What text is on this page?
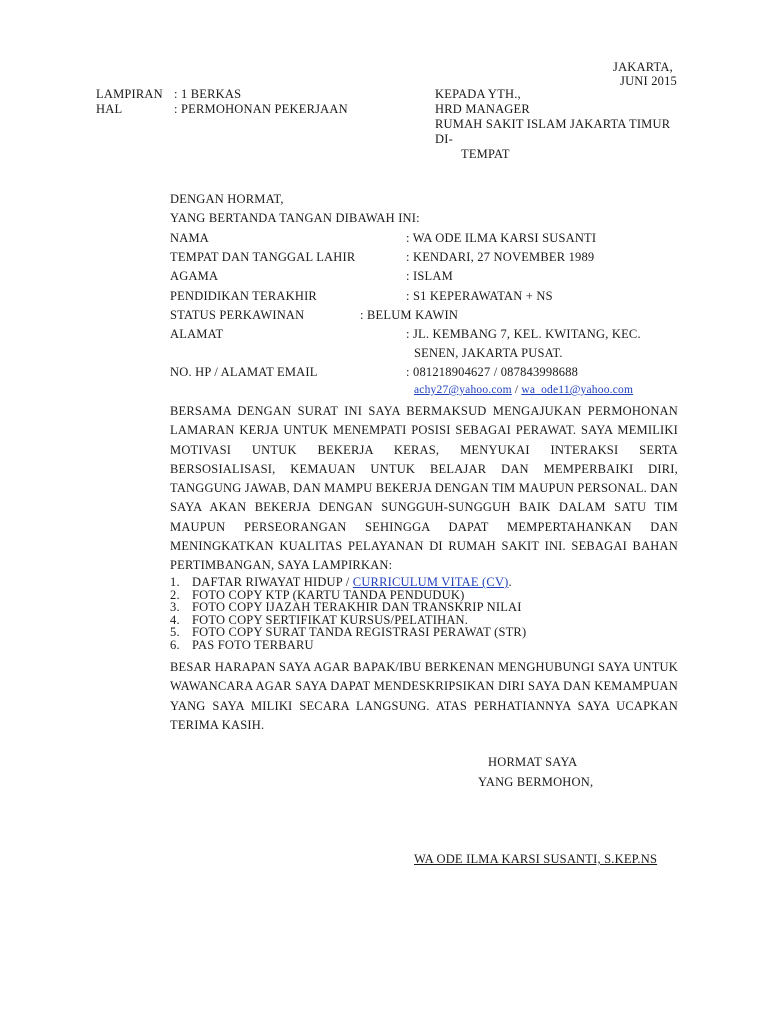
JAKARTA,
JUNI 2015
LAMPIRAN : 1 BERKAS
HAL	: PERMOHONAN PEKERJAAN
KEPADA YTH.,
HRD MANAGER
RUMAH SAKIT ISLAM JAKARTA TIMUR
DI-
TEMPAT
DENGAN HORMAT,
YANG BERTANDA TANGAN DIBAWAH INI:
NAMA	: WA ODE ILMA KARSI SUSANTI
TEMPAT DAN TANGGAL LAHIR	: KENDARI, 27 NOVEMBER 1989
AGAMA	: ISLAM
PENDIDIKAN TERAKHIR	: S1 KEPERAWATAN + NS
STATUS PERKAWINAN	: BELUM KAWIN
ALAMAT	: JL. KEMBANG 7, KEL. KWITANG, KEC.
SENEN, JAKARTA PUSAT.
NO. HP / ALAMAT EMAIL	: 081218904627 / 087843998688
achy27@yahoo.com / wa_ode11@yahoo.com
BERSAMA DENGAN SURAT INI SAYA BERMAKSUD MENGAJUKAN PERMOHONAN LAMARAN KERJA UNTUK MENEMPATI POSISI SEBAGAI PERAWAT. SAYA MEMILIKI MOTIVASI UNTUK BEKERJA KERAS, MENYUKAI INTERAKSI SERTA BERSOSIALISASI, KEMAUAN UNTUK BELAJAR DAN MEMPERBAIKI DIRI, TANGGUNG JAWAB, DAN MAMPU BEKERJA DENGAN TIM MAUPUN PERSONAL. DAN SAYA AKAN BEKERJA DENGAN SUNGGUH-SUNGGUH BAIK DALAM SATU TIM MAUPUN PERSEORANGAN SEHINGGA DAPAT MEMPERTAHANKAN DAN MENINGKATKAN KUALITAS PELAYANAN DI RUMAH SAKIT INI. SEBAGAI BAHAN PERTIMBANGAN, SAYA LAMPIRKAN:
1. DAFTAR RIWAYAT HIDUP / CURRICULUM VITAE (CV).
2. FOTO COPY KTP (KARTU TANDA PENDUDUK)
3. FOTO COPY IJAZAH TERAKHIR DAN TRANSKRIP NILAI
4. FOTO COPY SERTIFIKAT KURSUS/PELATIHAN.
5. FOTO COPY SURAT TANDA REGISTRASI PERAWAT (STR)
6. PAS FOTO TERBARU
BESAR HARAPAN SAYA AGAR BAPAK/IBU BERKENAN MENGHUBUNGI SAYA UNTUK WAWANCARA AGAR SAYA DAPAT MENDESKRIPSIKAN DIRI SAYA DAN KEMAMPUAN YANG SAYA MILIKI SECARA LANGSUNG. ATAS PERHATIANNYA SAYA UCAPKAN TERIMA KASIH.
HORMAT SAYA
YANG BERMOHON,
WA ODE ILMA KARSI SUSANTI, S.KEP.NS
